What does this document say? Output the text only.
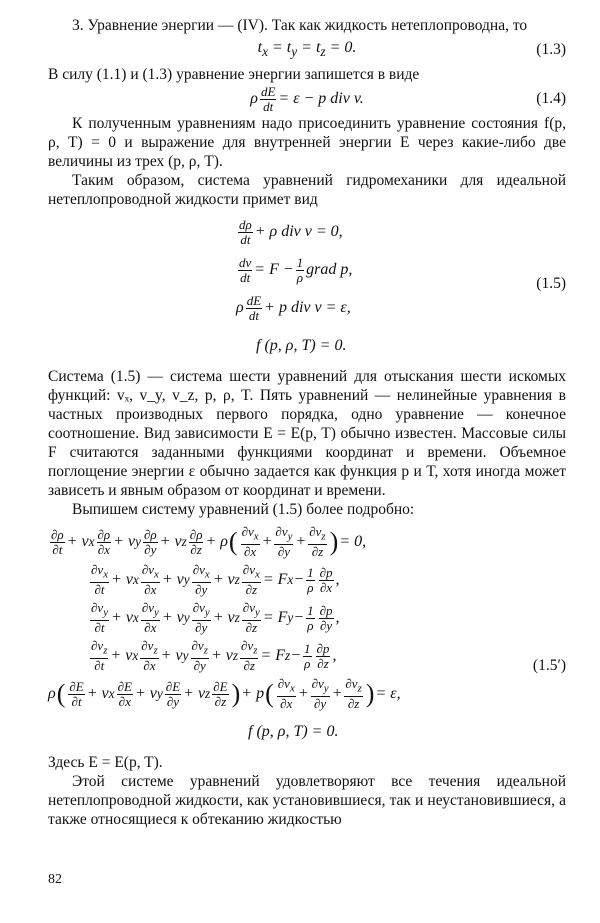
3. Уравнение энергии — (IV). Так как жидкость нетеплопроводна, то

$t_x = t_y = t_z = 0$.	(1.3)

В силу (1.1) и (1.3) уравнение энергии запишется в виде

ρ $\frac{dE}{dt} = \varepsilon - p$ div v.	(1.4)

К полученным уравнениям надо присоединить уравнение состояния f(p, ρ, T) = 0 и выражение для внутренней энергии E через какие-либо две величины из трех (p, ρ, T).

Таким образом, система уравнений гидромеханики для идеальной нетеплопроводной жидкости примет вид

$\frac{d\rho}{dt} + \rho$ div v = 0,
$\frac{dv}{dt} = F - \frac{1}{\rho}$ grad p,
ρ $\frac{dE}{dt} + p$ div v = ε,
f (p, ρ, T) = 0.
(1.5)

Система (1.5) — система шести уравнений для отыскания шести искомых функций: vₓ, v_y, v_z, p, ρ, T. Пять уравнений — нелинейные уравнения в частных производных первого порядка, одно уравнение — конечное соотношение. Вид зависимости E = E(p, T) обычно известен. Массовые силы F считаются заданными функциями координат и времени. Объемное поглощение энергии ε обычно задается как функция p и T, хотя иногда может зависеть и явным образом от координат и времени.

Выпишем систему уравнений (1.5) более подробно:

$\frac{\partial\rho}{\partial t} + v$ x $\frac{\partial\rho}{\partial x} + v$ y $\frac{\partial\rho}{\partial y} + v$ z $\frac{\partial\rho}{\partial z} + \rho$ ( $\frac{\partial v_x}{\partial x} + \frac{\partial v_y}{\partial y} + \frac{\partial v_z}{\partial z}$ ) = 0,
$\frac{\partial v_x}{\partial t} + v$ x $\frac{\partial v_x}{\partial x} + v$ y $\frac{\partial v_x}{\partial y} + v$ z $\frac{\partial v_x}{\partial z} = F$ $x - \frac{1}{\rho} \frac{\partial p}{\partial x}$ ,
$\frac{\partial v_y}{\partial t} + v$ x $\frac{\partial v_y}{\partial x} + v$ y $\frac{\partial v_y}{\partial y} + v$ z $\frac{\partial v_y}{\partial z} = F$ $y - \frac{1}{\rho} \frac{\partial p}{\partial y}$ ,
$\frac{\partial v_z}{\partial t} + v$ x $\frac{\partial v_z}{\partial x} + v$ y $\frac{\partial v_z}{\partial y} + v$ z $\frac{\partial v_z}{\partial z} = F$ $z - \frac{1}{\rho} \frac{\partial p}{\partial z}$ ,
ρ ( $\frac{\partial E}{\partial t} + v$ x $\frac{\partial E}{\partial x} + v$ y $\frac{\partial E}{\partial y} + v$ z $\frac{\partial E}{\partial z}$ ) + p ( $\frac{\partial v_x}{\partial x} + \frac{\partial v_y}{\partial y} + \frac{\partial v_z}{\partial z}$ ) = ε,
f (p, ρ, T) = 0.
(1.5′)

Здесь E = E(p, T).

Этой системе уравнений удовлетворяют все течения идеальной нетеплопроводной жидкости, как установившиеся, так и неустановившиеся, а также относящиеся к обтеканию жидкостью

82
